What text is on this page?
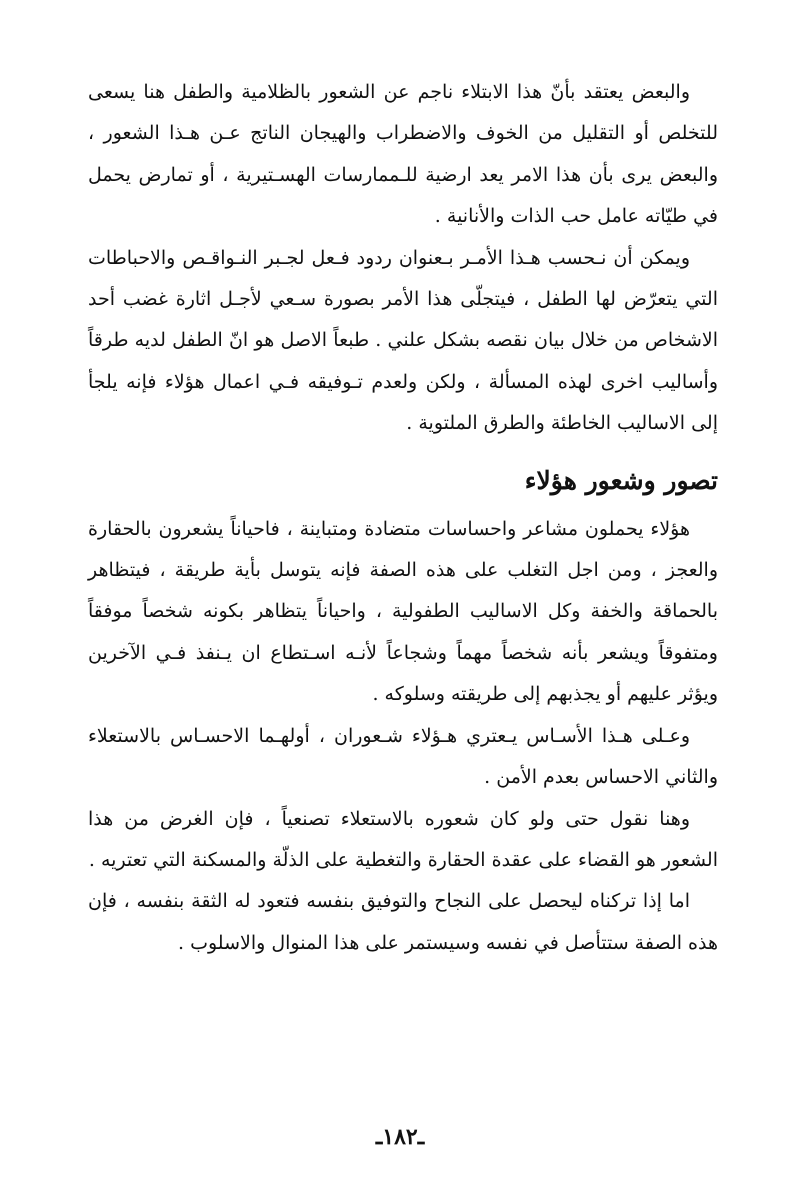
والبعض يعتقد بأنّ هذا الابتلاء ناجم عن الشعور بالظلامية والطفل هنا يسعى للتخلص أو التقليل من الخوف والاضطراب والهيجان الناتج عـن هـذا الشعور ، والبعض يرى بأن هذا الامر يعد ارضية للـممارسات الهسـتيرية ، أو تمارض يحمل في طيّاته عامل حب الذات والأنانية .

ويمكن أن نـحسب هـذا الأمـر بـعنوان ردود فـعل لجـبر النـواقـص والاحباطات التي يتعرّض لها الطفل ، فيتجلّى هذا الأمر بصورة سـعي لأجـل اثارة غضب أحد الاشخاص من خلال بيان نقصه بشكل علني . طبعاً الاصل هو انّ الطفل لديه طرقاً وأساليب اخرى لهذه المسألة ، ولكن ولعدم تـوفيقه فـي اعمال هؤلاء فإنه يلجأ إلى الاساليب الخاطئة والطرق الملتوية .

تصور وشعور هؤلاء

هؤلاء يحملون مشاعر واحساسات متضادة ومتباينة ، فاحياناً يشعرون بالحقارة والعجز ، ومن اجل التغلب على هذه الصفة فإنه يتوسل بأية طريقة ، فيتظاهر بالحماقة والخفة وكل الاساليب الطفولية ، واحياناً يتظاهر بكونه شخصاً موفقاً ومتفوقاً ويشعر بأنه شخصاً مهماً وشجاعاً لأنـه اسـتطاع ان يـنفذ فـي الآخرين ويؤثر عليهم أو يجذبهم إلى طريقته وسلوكه .

وعـلى هـذا الأسـاس يـعتري هـؤلاء شـعوران ، أولهـما الاحسـاس بالاستعلاء والثاني الاحساس بعدم الأمن .

وهنا نقول حتى ولو كان شعوره بالاستعلاء تصنعياً ، فإن الغرض من هذا الشعور هو القضاء على عقدة الحقارة والتغطية على الذلّة والمسكنة التي تعتريه .

اما إذا تركناه ليحصل على النجاح والتوفيق بنفسه فتعود له الثقة بنفسه ، فإن هذه الصفة ستتأصل في نفسه وسيستمر على هذا المنوال والاسلوب .

ـ١٨٢ـ
